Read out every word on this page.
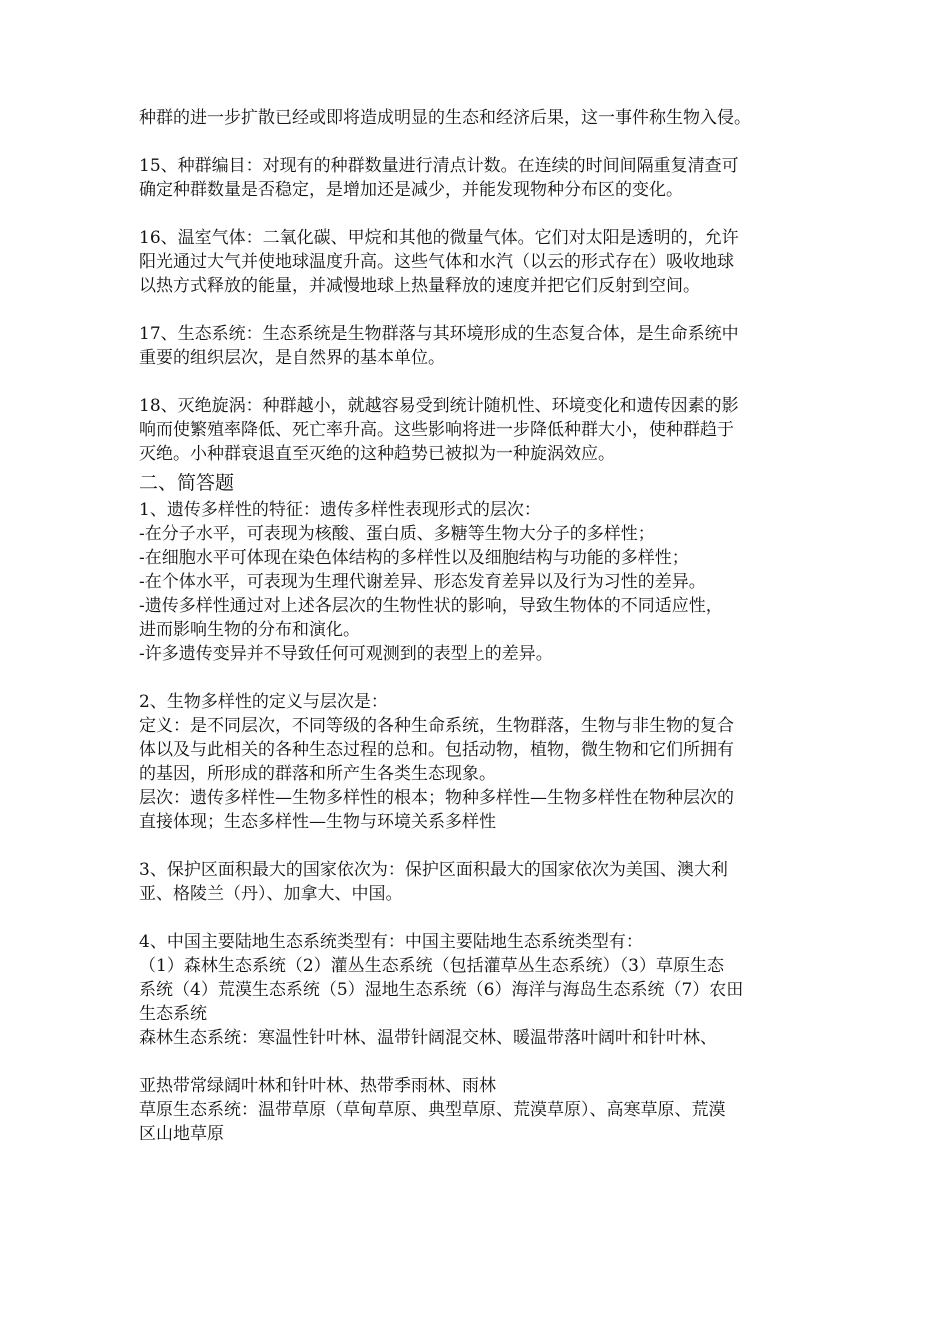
种群的进一步扩散已经或即将造成明显的生态和经济后果，这一事件称生物入侵。
15、种群编目：对现有的种群数量进行清点计数。在连续的时间间隔重复清查可
确定种群数量是否稳定，是增加还是减少，并能发现物种分布区的变化。
16、温室气体：二氧化碳、甲烷和其他的微量气体。它们对太阳是透明的，允许
阳光通过大气并使地球温度升高。这些气体和水汽（以云的形式存在）吸收地球
以热方式释放的能量，并减慢地球上热量释放的速度并把它们反射到空间。
17、生态系统：生态系统是生物群落与其环境形成的生态复合体，是生命系统中
重要的组织层次，是自然界的基本单位。
18、灭绝旋涡：种群越小，就越容易受到统计随机性、环境变化和遗传因素的影
响而使繁殖率降低、死亡率升高。这些影响将进一步降低种群大小，使种群趋于
灭绝。小种群衰退直至灭绝的这种趋势已被拟为一种旋涡效应。
二、简答题
1、遗传多样性的特征：遗传多样性表现形式的层次：
-在分子水平，可表现为核酸、蛋白质、多糖等生物大分子的多样性；
-在细胞水平可体现在染色体结构的多样性以及细胞结构与功能的多样性；
-在个体水平，可表现为生理代谢差异、形态发育差异以及行为习性的差异。
-遗传多样性通过对上述各层次的生物性状的影响，导致生物体的不同适应性，
进而影响生物的分布和演化。
-许多遗传变异并不导致任何可观测到的表型上的差异。
2、生物多样性的定义与层次是：
定义：是不同层次，不同等级的各种生命系统，生物群落，生物与非生物的复合
体以及与此相关的各种生态过程的总和。包括动物，植物，微生物和它们所拥有
的基因，所形成的群落和所产生各类生态现象。
层次：遗传多样性—生物多样性的根本；物种多样性—生物多样性在物种层次的
直接体现；生态多样性—生物与环境关系多样性
3、保护区面积最大的国家依次为：保护区面积最大的国家依次为美国、澳大利
亚、格陵兰（丹）、加拿大、中国。
4、中国主要陆地生态系统类型有：中国主要陆地生态系统类型有：
（1）森林生态系统（2）灌丛生态系统（包括灌草丛生态系统）（3）草原生态
系统（4）荒漠生态系统（5）湿地生态系统（6）海洋与海岛生态系统（7）农田
生态系统
森林生态系统：寒温性针叶林、温带针阔混交林、暖温带落叶阔叶和针叶林、
亚热带常绿阔叶林和针叶林、热带季雨林、雨林
草原生态系统：温带草原（草甸草原、典型草原、荒漠草原）、高寒草原、荒漠
区山地草原
